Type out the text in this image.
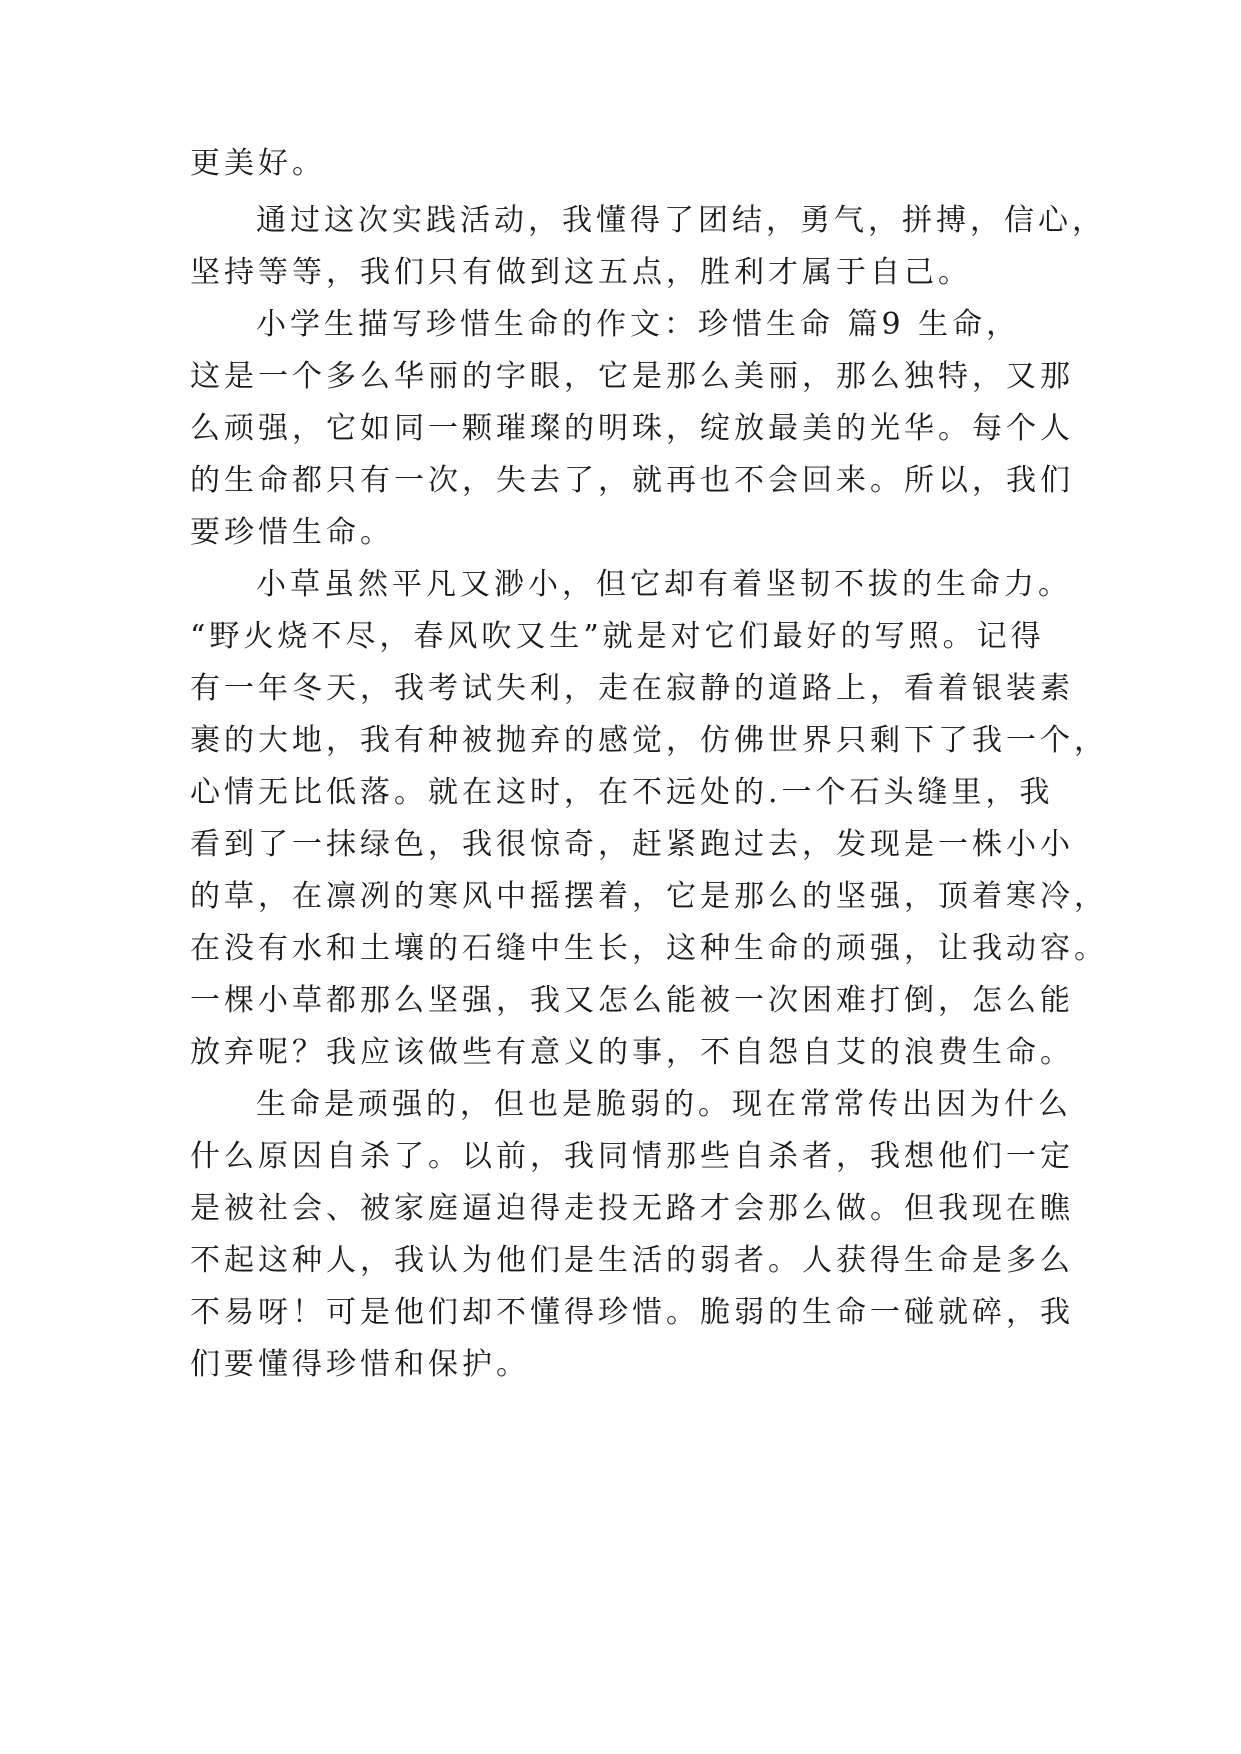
更美好。

通过这次实践活动，我懂得了团结，勇气，拼搏，信心，

坚持等等，我们只有做到这五点，胜利才属于自己。

小学生描写珍惜生命的作文：珍惜生命 篇9 生命，

这是一个多么华丽的字眼，它是那么美丽，那么独特，又那

么顽强，它如同一颗璀璨的明珠，绽放最美的光华。每个人

的生命都只有一次，失去了，就再也不会回来。所以，我们

要珍惜生命。

小草虽然平凡又渺小，但它却有着坚韧不拔的生命力。

“野火烧不尽，春风吹又生”就是对它们最好的写照。记得

有一年冬天，我考试失利，走在寂静的道路上，看着银装素

裹的大地，我有种被抛弃的感觉，仿佛世界只剩下了我一个，

心情无比低落。就在这时，在不远处的.一个石头缝里，我

看到了一抹绿色，我很惊奇，赶紧跑过去，发现是一株小小

的草，在凛冽的寒风中摇摆着，它是那么的坚强，顶着寒冷，

在没有水和土壤的石缝中生长，这种生命的顽强，让我动容。

一棵小草都那么坚强，我又怎么能被一次困难打倒，怎么能

放弃呢？我应该做些有意义的事，不自怨自艾的浪费生命。

生命是顽强的，但也是脆弱的。现在常常传出因为什么

什么原因自杀了。以前，我同情那些自杀者，我想他们一定

是被社会、被家庭逼迫得走投无路才会那么做。但我现在瞧

不起这种人，我认为他们是生活的弱者。人获得生命是多么

不易呀！可是他们却不懂得珍惜。脆弱的生命一碰就碎，我

们要懂得珍惜和保护。
